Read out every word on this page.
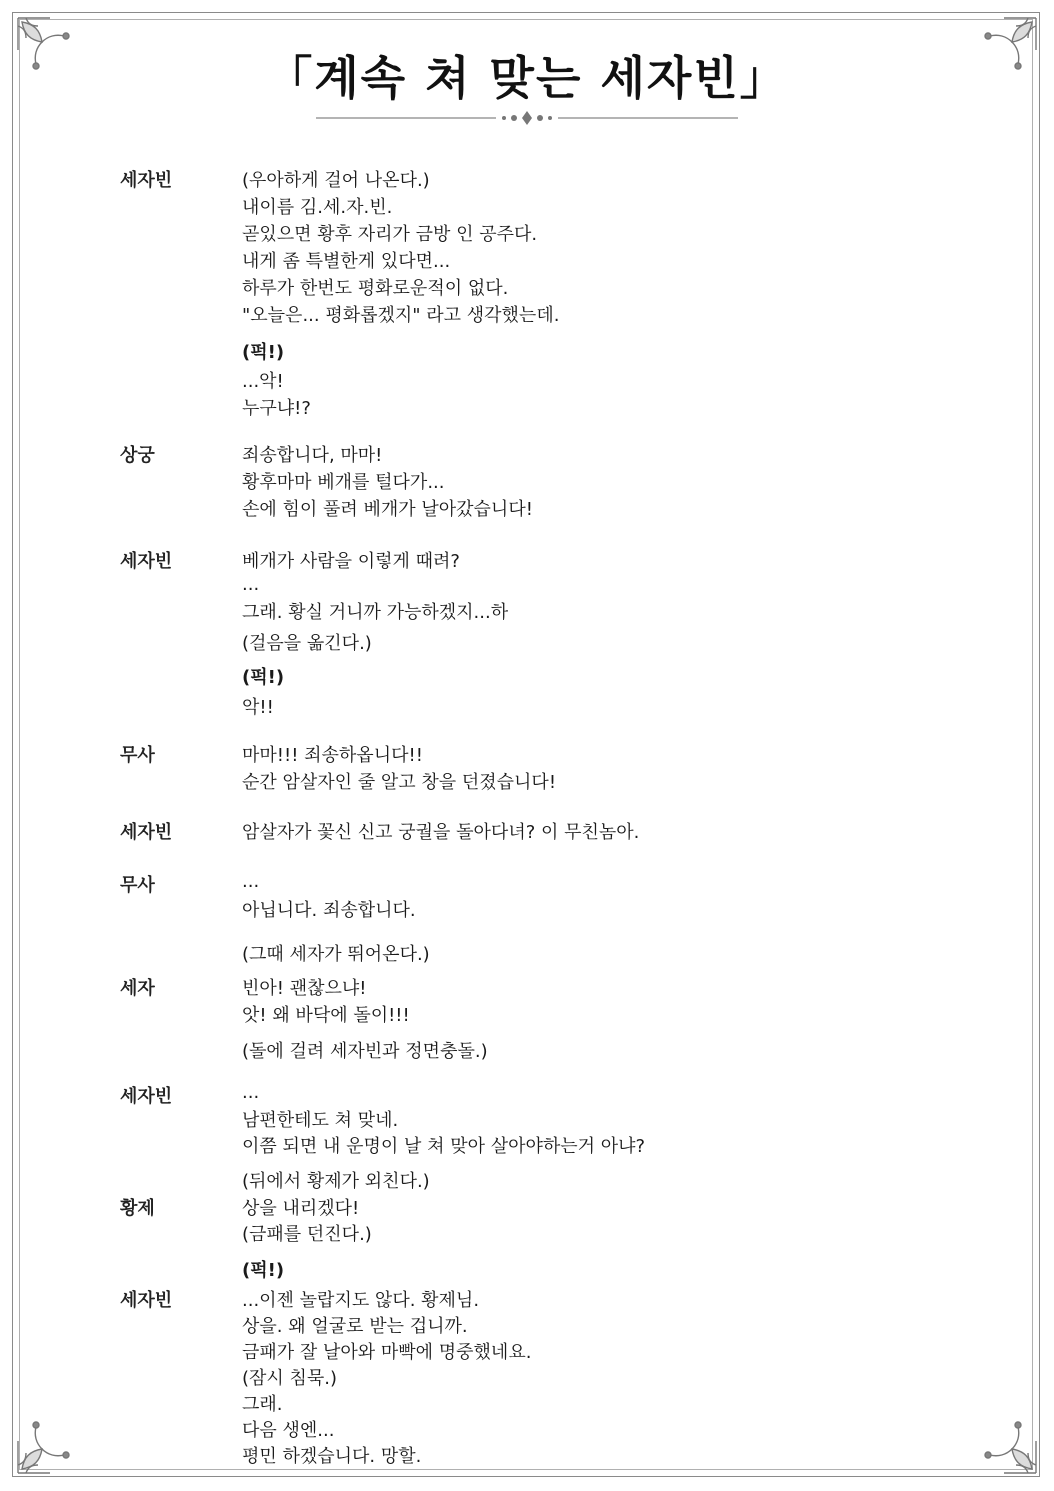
「계속 쳐 맞는 세자빈」
세자빈	(우아하게 걸어 나온다.)
내이름 김.세.자.빈.
곧있으면 황후 자리가 금방 인 공주다.
내게 좀 특별한게 있다면...
하루가 한번도 평화로운적이 없다.
"오늘은... 평화롭겠지" 라고 생각했는데.
(퍽!)
...악!
누구냐!?
상궁	죄송합니다, 마마!
황후마마 베개를 털다가...
손에 힘이 풀려 베개가 날아갔습니다!
세자빈	베개가 사람을 이렇게 때려?
...
그래. 황실 거니까 가능하겠지...하
(걸음을 옮긴다.)
(퍽!)
악!!
무사	마마!!! 죄송하옵니다!!
순간 암살자인 줄 알고 창을 던졌습니다!
세자빈	암살자가 꽃신 신고 궁궐을 돌아다녀? 이 무친놈아.
무사	...
아닙니다. 죄송합니다.
(그때 세자가 뛰어온다.)
세자	빈아! 괜찮으냐!
앗! 왜 바닥에 돌이!!!
(돌에 걸려 세자빈과 정면충돌.)
세자빈	...
남편한테도 쳐 맞네.
이쯤 되면 내 운명이 날 쳐 맞아 살아야하는거 아냐?
(뒤에서 황제가 외친다.)
황제	상을 내리겠다!
(금패를 던진다.)
(퍽!)
세자빈	...이젠 놀랍지도 않다. 황제님.
상을. 왜 얼굴로 받는 겁니까.
금패가 잘 날아와 마빡에 명중했네요.
(잠시 침묵.)
그래.
다음 생엔...
평민 하겠습니다. 망할.
